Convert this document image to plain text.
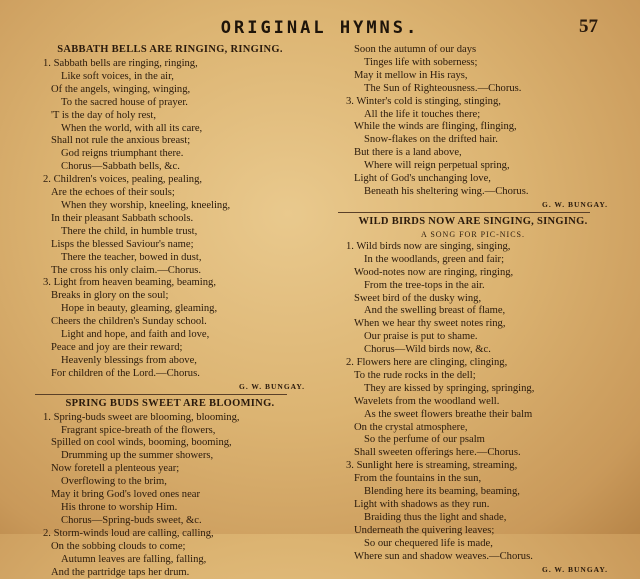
ORIGINAL HYMNS.	57
SABBATH BELLS ARE RINGING, RINGING.
1. Sabbath bells are ringing, ringing,
Like soft voices, in the air,
Of the angels, winging, winging,
To the sacred house of prayer.
'T is the day of holy rest,
When the world, with all its care,
Shall not rule the anxious breast;
God reigns triumphant there.
Chorus—Sabbath bells, &c.
2. Children's voices, pealing, pealing,
Are the echoes of their souls;
When they worship, kneeling, kneeling,
In their pleasant Sabbath schools.
There the child, in humble trust,
Lisps the blessed Saviour's name;
There the teacher, bowed in dust,
The cross his only claim.—Chorus.
3. Light from heaven beaming, beaming,
Breaks in glory on the soul;
Hope in beauty, gleaming, gleaming,
Cheers the children's Sunday school.
Light and hope, and faith and love,
Peace and joy are their reward;
Heavenly blessings from above,
For children of the Lord.—Chorus.
G. W. BUNGAY.
SPRING BUDS SWEET ARE BLOOMING.
1. Spring-buds sweet are blooming, blooming,
Fragrant spice-breath of the flowers,
Spilled on cool winds, booming, booming,
Drumming up the summer showers,
Now foretell a plenteous year;
Overflowing to the brim,
May it bring God's loved ones near
His throne to worship Him.
Chorus—Spring-buds sweet, &c.
2. Storm-winds loud are calling, calling,
On the sobbing clouds to come;
Autumn leaves are falling, falling,
And the partridge taps her drum.
Soon the autumn of our days
Tinges life with soberness;
May it mellow in His rays,
The Sun of Righteousness.—Chorus.
3. Winter's cold is stinging, stinging,
All the life it touches there;
While the winds are flinging, flinging,
Snow-flakes on the drifted hair.
But there is a land above,
Where will reign perpetual spring,
Light of God's unchanging love,
Beneath his sheltering wing.—Chorus.
G. W. BUNGAY.
WILD BIRDS NOW ARE SINGING, SINGING.
A SONG FOR PIC-NICS.
1. Wild birds now are singing, singing,
In the woodlands, green and fair;
Wood-notes now are ringing, ringing,
From the tree-tops in the air.
Sweet bird of the dusky wing,
And the swelling breast of flame,
When we hear thy sweet notes ring,
Our praise is put to shame.
Chorus—Wild birds now, &c.
2. Flowers here are clinging, clinging,
To the rude rocks in the dell;
They are kissed by springing, springing,
Wavelets from the woodland well.
As the sweet flowers breathe their balm
On the crystal atmosphere,
So the perfume of our psalm
Shall sweeten offerings here.—Chorus.
3. Sunlight here is streaming, streaming,
From the fountains in the sun,
Blending here its beaming, beaming,
Light with shadows as they run.
Braiding thus the light and shade,
Underneath the quivering leaves;
So our chequered life is made,
Where sun and shadow weaves.—Chorus.
G. W. BUNGAY.
